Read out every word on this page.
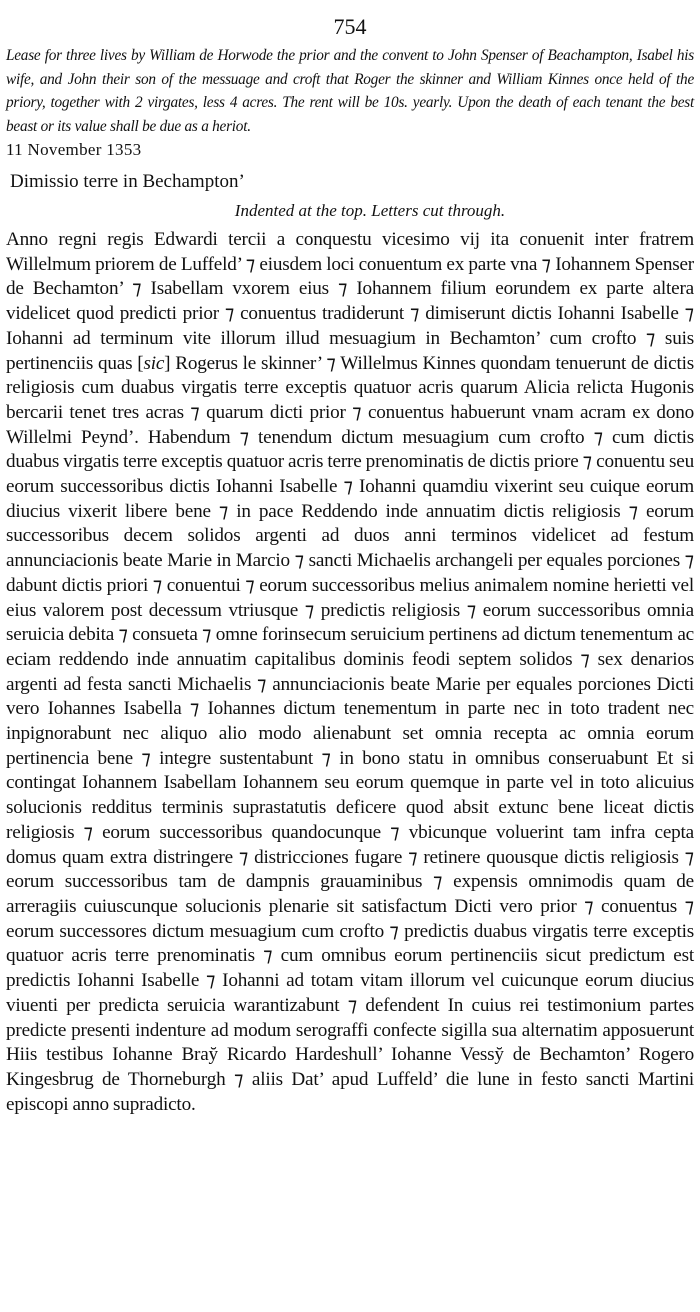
754

Lease for three lives by William de Horwode the prior and the convent to John Spenser of Beachampton, Isabel his wife, and John their son of the messuage and croft that Roger the skinner and William Kinnes once held of the priory, together with 2 virgates, less 4 acres. The rent will be 10s. yearly. Upon the death of each tenant the best beast or its value shall be due as a heriot.

11 November 1353
Dimissio terre in Bechampton’
Indented at the top. Letters cut through.

Anno regni regis Edwardi tercii a conquestu vicesimo vij ita conuenit inter fratrem Willelmum priorem de Luffeld’ ⁊ eiusdem loci conuentum ex parte vna ⁊ Iohannem Spenser de Bechamton’ ⁊ Isabellam vxorem eius ⁊ Iohannem filium eorundem ex parte altera videlicet quod predicti prior ⁊ conuentus tradiderunt ⁊ dimiserunt dictis Iohanni Isabelle ⁊ Iohanni ad terminum vite illorum illud mesuagium in Bechamton’ cum crofto ⁊ suis pertinenciis quas [sic] Rogerus le skinner’ ⁊ Willelmus Kinnes quondam tenuerunt de dictis religiosis cum duabus virgatis terre exceptis quatuor acris quarum Alicia relicta Hugonis bercarii tenet tres acras ⁊ quarum dicti prior ⁊ conuentus habuerunt vnam acram ex dono Willelmi Peynd’. Habendum ⁊ tenendum dictum mesuagium cum crofto ⁊ cum dictis duabus virgatis terre exceptis quatuor acris terre prenominatis de dictis priore ⁊ conuentu seu eorum successoribus dictis Iohanni Isabelle ⁊ Iohanni quamdiu vixerint seu cuique eorum diucius vixerit libere bene ⁊ in pace Reddendo inde annuatim dictis religiosis ⁊ eorum successoribus decem solidos argenti ad duos anni terminos videlicet ad festum annunciacionis beate Marie in Marcio ⁊ sancti Michaelis archangeli per equales porciones ⁊ dabunt dictis priori ⁊ conuentui ⁊ eorum successoribus melius animalem nomine herietti vel eius valorem post decessum vtriusque ⁊ predictis religiosis ⁊ eorum successoribus omnia seruicia debita ⁊ consueta ⁊ omne forinsecum seruicium pertinens ad dictum tenementum ac eciam reddendo inde annuatim capitalibus dominis feodi septem solidos ⁊ sex denarios argenti ad festa sancti Michaelis ⁊ annunciacionis beate Marie per equales porciones Dicti vero Iohannes Isabella ⁊ Iohannes dictum tenementum in parte nec in toto tradent nec inpignorabunt nec aliquo alio modo alienabunt set omnia recepta ac omnia eorum pertinencia bene ⁊ integre sustentabunt ⁊ in bono statu in omnibus conseruabunt Et si contingat Iohannem Isabellam Iohannem seu eorum quemque in parte vel in toto alicuius solucionis redditus terminis suprastatutis deficere quod absit extunc bene liceat dictis religiosis ⁊ eorum successoribus quandocunque ⁊ vbicunque voluerint tam infra cepta domus quam extra distringere ⁊ districciones fugare ⁊ retinere quousque dictis religiosis ⁊ eorum successoribus tam de dampnis grauaminibus ⁊ expensis omnimodis quam de arreragiis cuiuscunque solucionis plenarie sit satisfactum Dicti vero prior ⁊ conuentus ⁊ eorum successores dictum mesuagium cum crofto ⁊ predictis duabus virgatis terre exceptis quatuor acris terre prenominatis ⁊ cum omnibus eorum pertinenciis sicut predictum est predictis Iohanni Isabelle ⁊ Iohanni ad totam vitam illorum vel cuicunque eorum diucius viuenti per predicta seruicia warantizabunt ⁊ defendent In cuius rei testimonium partes predicte presenti indenture ad modum serograffi confecte sigilla sua alternatim apposuerunt Hiis testibus Iohanne Bray̆ Ricardo Hardeshull’ Iohanne Vessy̆ de Bechamton’ Rogero Kingesbrug de Thorneburgh ⁊ aliis Dat’ apud Luffeld’ die lune in festo sancti Martini episcopi anno supradicto.
